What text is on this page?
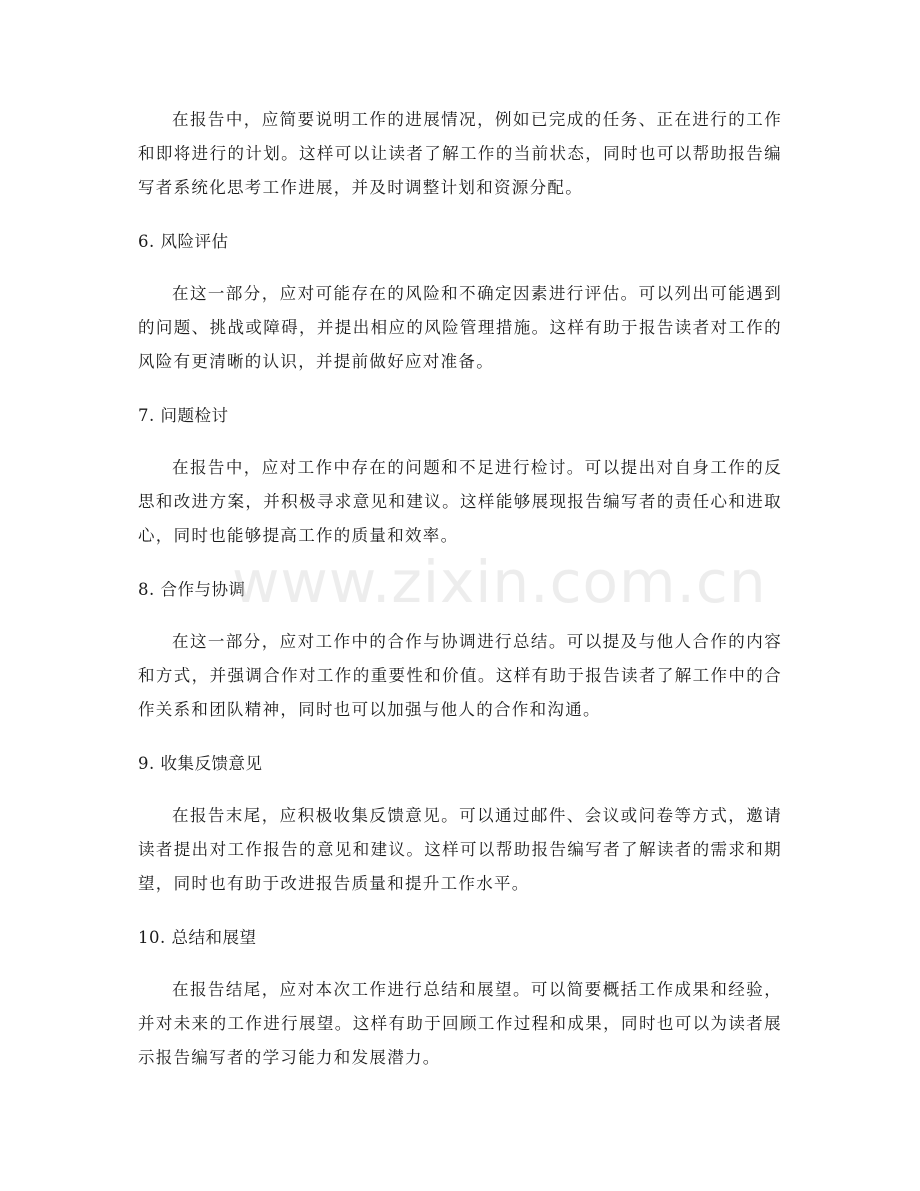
在报告中，应简要说明工作的进展情况，例如已完成的任务、正在进行的工作和即将进行的计划。这样可以让读者了解工作的当前状态，同时也可以帮助报告编写者系统化思考工作进展，并及时调整计划和资源分配。

6. 风险评估

在这一部分，应对可能存在的风险和不确定因素进行评估。可以列出可能遇到的问题、挑战或障碍，并提出相应的风险管理措施。这样有助于报告读者对工作的风险有更清晰的认识，并提前做好应对准备。

7. 问题检讨

在报告中，应对工作中存在的问题和不足进行检讨。可以提出对自身工作的反思和改进方案，并积极寻求意见和建议。这样能够展现报告编写者的责任心和进取心，同时也能够提高工作的质量和效率。

8. 合作与协调

在这一部分，应对工作中的合作与协调进行总结。可以提及与他人合作的内容和方式，并强调合作对工作的重要性和价值。这样有助于报告读者了解工作中的合作关系和团队精神，同时也可以加强与他人的合作和沟通。

9. 收集反馈意见

在报告末尾，应积极收集反馈意见。可以通过邮件、会议或问卷等方式，邀请读者提出对工作报告的意见和建议。这样可以帮助报告编写者了解读者的需求和期望，同时也有助于改进报告质量和提升工作水平。

10. 总结和展望

在报告结尾，应对本次工作进行总结和展望。可以简要概括工作成果和经验，并对未来的工作进行展望。这样有助于回顾工作过程和成果，同时也可以为读者展示报告编写者的学习能力和发展潜力。

www.zixin.com.cn
